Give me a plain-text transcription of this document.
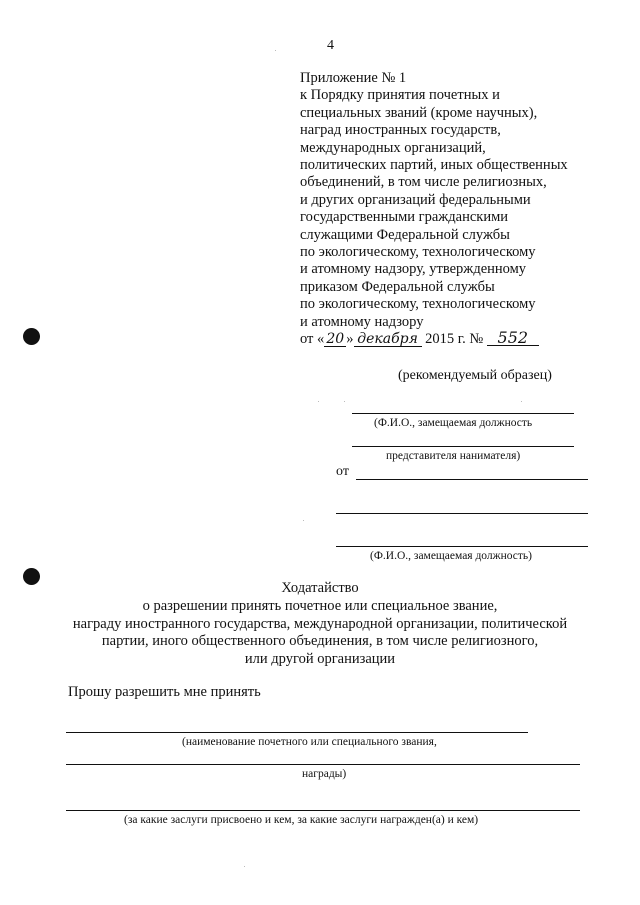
4
Приложение № 1
к Порядку принятия почетных и
специальных званий (кроме научных),
наград иностранных государств,
международных организаций,
политических партий, иных общественных
объединений, в том числе религиозных,
и других организаций федеральными
государственными гражданскими
служащими Федеральной службы
по экологическому, технологическому
и атомному надзору, утвержденному
приказом Федеральной службы
по экологическому, технологическому
и атомному надзору
от « 20 » декабря 2015 г. № 552
(рекомендуемый образец)
(Ф.И.О., замещаемая должность
представителя нанимателя)
от
(Ф.И.О., замещаемая должность)
Ходатайство
о разрешении принять почетное или специальное звание,
награду иностранного государства, международной организации, политической
партии, иного общественного объединения, в том числе религиозного,
или другой организации
Прошу разрешить мне принять
(наименование почетного или специального звания,
награды)
(за какие заслуги присвоено и кем, за какие заслуги награжден(а) и кем)
